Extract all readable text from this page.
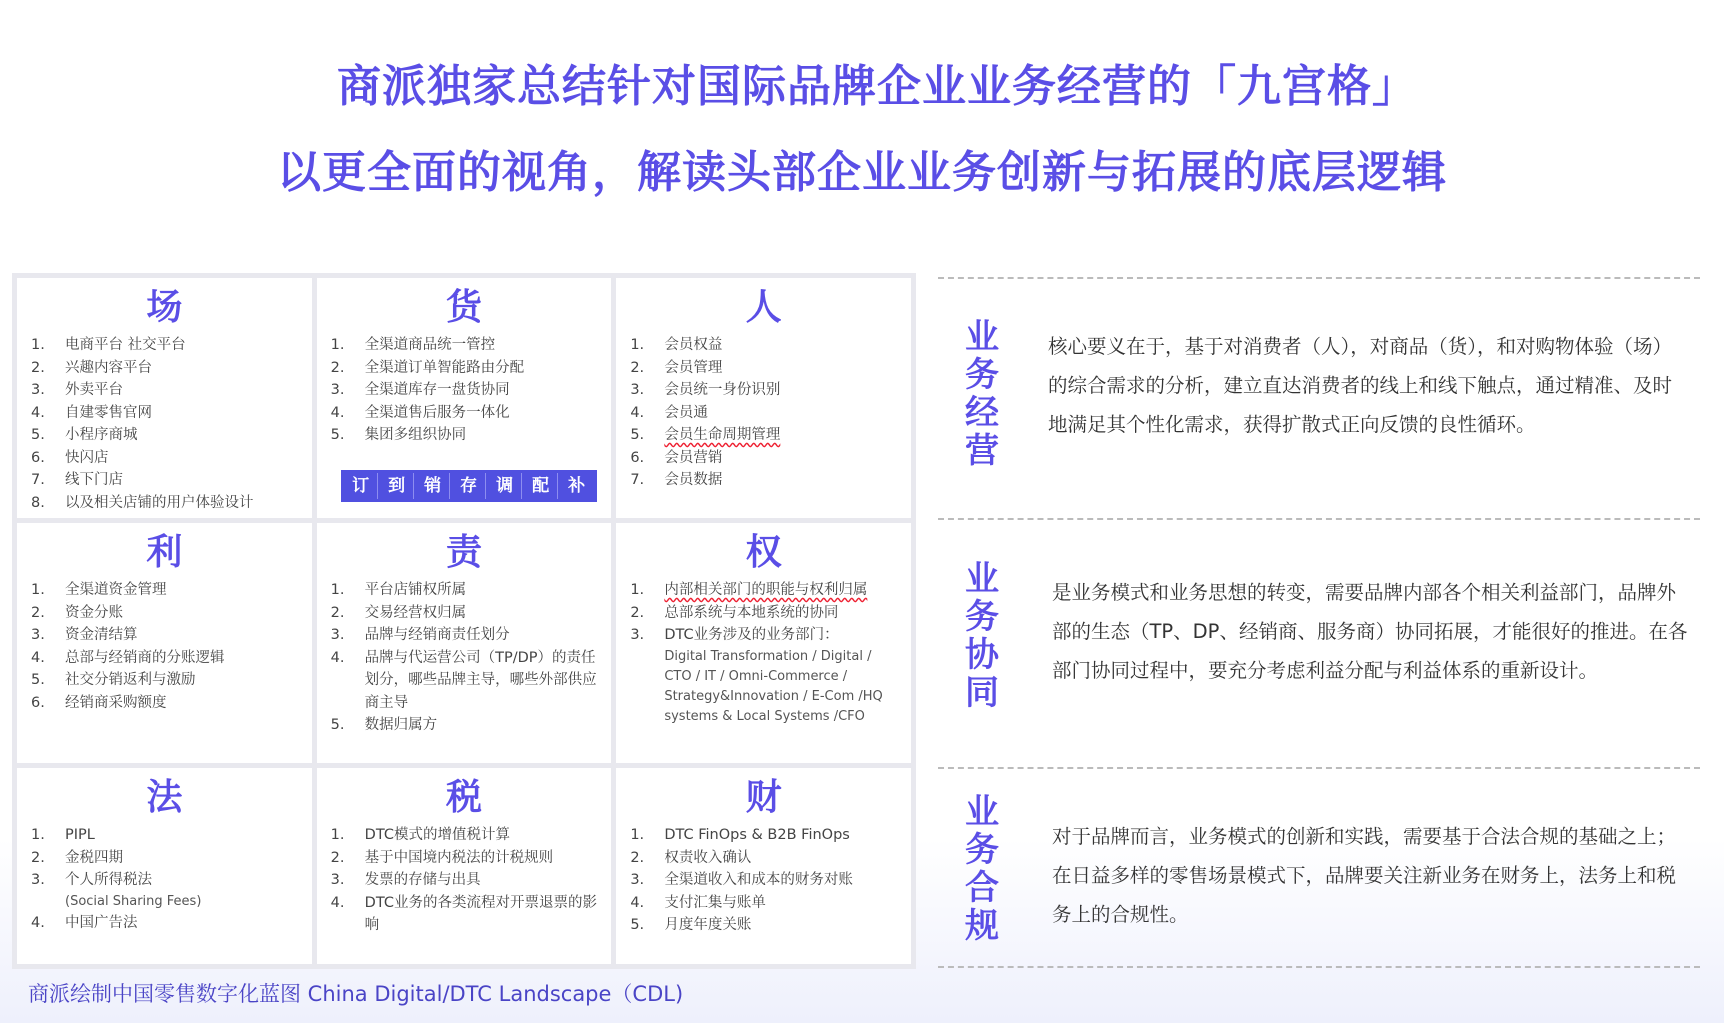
商派独家总结针对国际品牌企业业务经营的「九宫格」
以更全面的视角，解读头部企业业务创新与拓展的底层逻辑
场
1. 电商平台 社交平台
2. 兴趣内容平台
3. 外卖平台
4. 自建零售官网
5. 小程序商城
6. 快闪店
7. 线下门店
8. 以及相关店铺的用户体验设计
货
1. 全渠道商品统一管控
2. 全渠道订单智能路由分配
3. 全渠道库存一盘货协同
4. 全渠道售后服务一体化
5. 集团多组织协同
订	到	销	存	调	配	补
人
1. 会员权益
2. 会员管理
3. 会员统一身份识别
4. 会员通
5. 会员生命周期管理
6. 会员营销
7. 会员数据
利
1. 全渠道资金管理
2. 资金分账
3. 资金清结算
4. 总部与经销商的分账逻辑
5. 社交分销返利与激励
6. 经销商采购额度
责
1. 平台店铺权所属
2. 交易经营权归属
3. 品牌与经销商责任划分
4. 品牌与代运营公司（TP/DP）的责任划分，哪些品牌主导，哪些外部供应商主导
5. 数据归属方
权
1. 内部相关部门的职能与权利归属
2. 总部系统与本地系统的协同
3. DTC业务涉及的业务部门：
Digital Transformation / Digital / CTO / IT / Omni-Commerce / Strategy&Innovation / E-Com /HQ systems & Local Systems /CFO
法
1. PIPL
2. 金税四期
3. 个人所得税法
(Social Sharing Fees)
4. 中国广告法
税
1. DTC模式的增值税计算
2. 基于中国境内税法的计税规则
3. 发票的存储与出具
4. DTC业务的各类流程对开票退票的影响
财
1. DTC FinOps & B2B FinOps
2. 权责收入确认
3. 全渠道收入和成本的财务对账
4. 支付汇集与账单
5. 月度年度关账
业
务
经
营

核心要义在于，基于对消费者（人），对商品（货），和对购物体验（场）的综合需求的分析，建立直达消费者的线上和线下触点，通过精准、及时地满足其个性化需求，获得扩散式正向反馈的良性循环。

业
务
协
同

是业务模式和业务思想的转变，需要品牌内部各个相关利益部门，品牌外部的生态（TP、DP、经销商、服务商）协同拓展，才能很好的推进。在各部门协同过程中，要充分考虑利益分配与利益体系的重新设计。

业
务
合
规

对于品牌而言，业务模式的创新和实践，需要基于合法合规的基础之上；在日益多样的零售场景模式下，品牌要关注新业务在财务上，法务上和税务上的合规性。

商派绘制中国零售数字化蓝图 China Digital/DTC Landscape（CDL)
